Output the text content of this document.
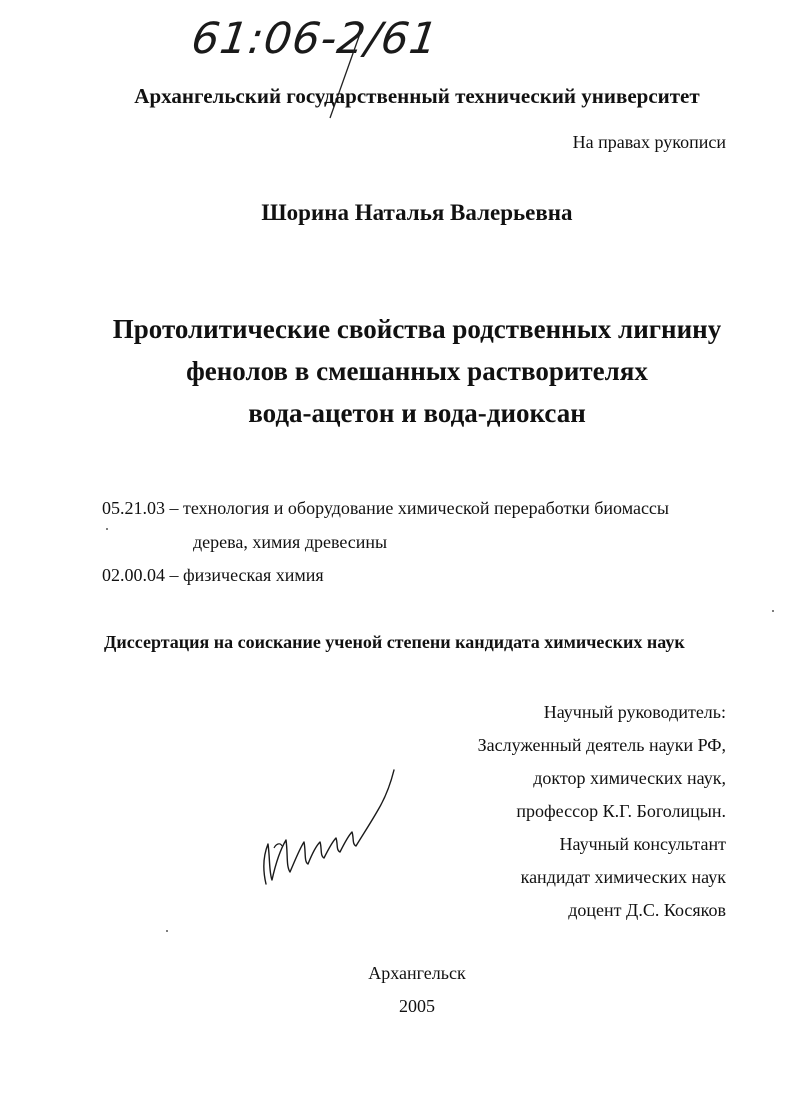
61:06-2/61
Архангельский государственный технический университет
На правах рукописи
Шорина Наталья Валерьевна
Протолитические свойства родственных лигнину
фенолов в смешанных растворителях
вода-ацетон и вода-диоксан
05.21.03 – технология и оборудование химической переработки биомассы
дерева, химия древесины
02.00.04 – физическая химия
Диссертация на соискание ученой степени кандидата химических наук
Научный руководитель:
Заслуженный деятель науки РФ,
доктор химических наук,
профессор К.Г. Боголицын.
Научный консультант
кандидат химических наук
доцент Д.С. Косяков
Архангельск
2005
